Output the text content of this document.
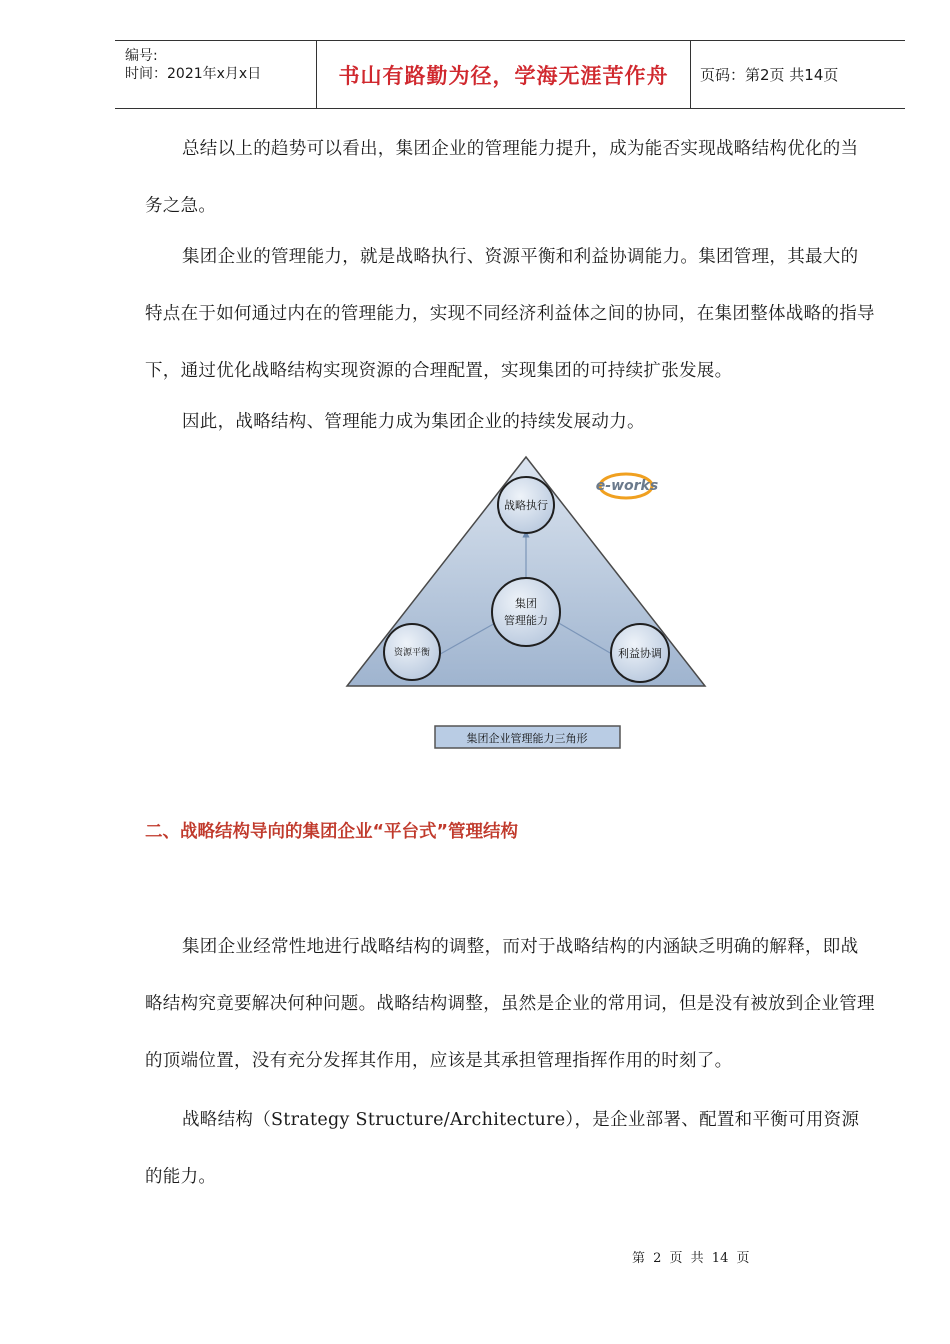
编号:
时间：2021年x月x日	书山有路勤为径，学海无涯苦作舟 页码：第2页 共14页

总结以上的趋势可以看出，集团企业的管理能力提升，成为能否实现战略结构优化的当务之急。

集团企业的管理能力，就是战略执行、资源平衡和利益协调能力。集团管理，其最大的特点在于如何通过内在的管理能力，实现不同经济利益体之间的协同，在集团整体战略的指导下，通过优化战略结构实现资源的合理配置，实现集团的可持续扩张发展。

因此，战略结构、管理能力成为集团企业的持续发展动力。

战略执行
集团
管理能力
资源平衡	利益协调
e-works
集团企业管理能力三角形
二、战略结构导向的集团企业“平台式”管理结构

集团企业经常性地进行战略结构的调整，而对于战略结构的内涵缺乏明确的解释，即战略结构究竟要解决何种问题。战略结构调整，虽然是企业的常用词，但是没有被放到企业管理的顶端位置，没有充分发挥其作用，应该是其承担管理指挥作用的时刻了。

战略结构（Strategy Structure/Architecture），是企业部署、配置和平衡可用资源的能力。

第 2 页 共 14 页
